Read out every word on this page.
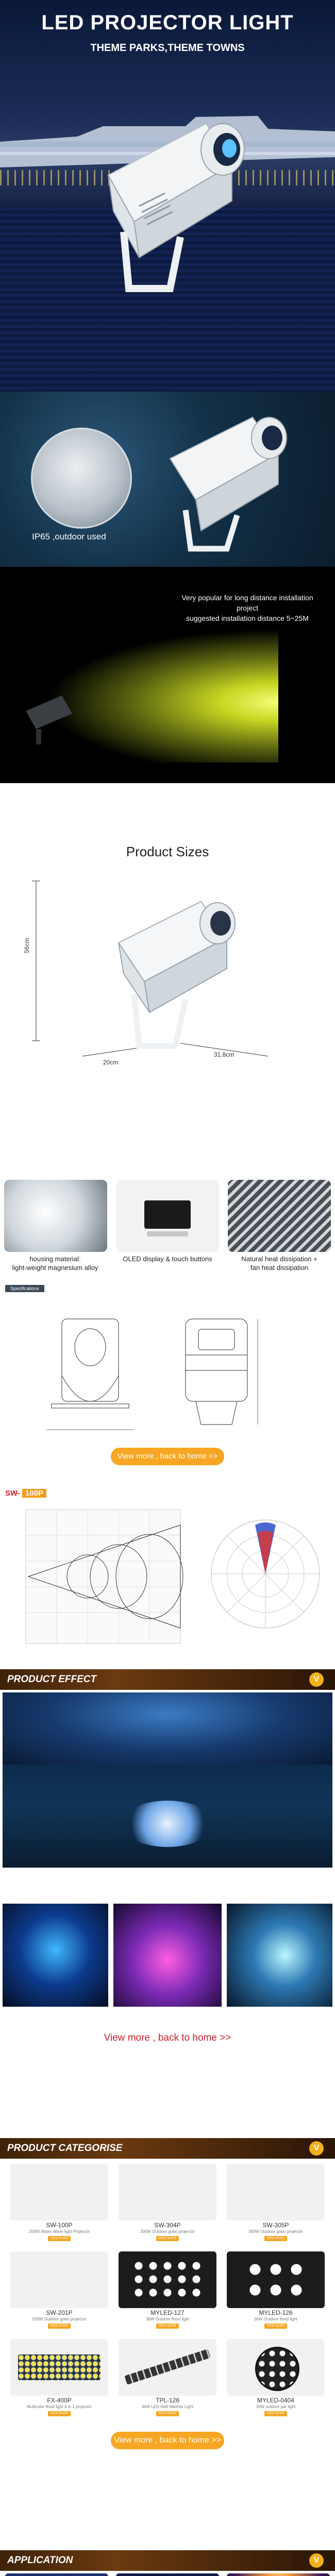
LED PROJECTOR LIGHT
THEME PARKS,THEME TOWNS
IP65 ,outdoor used
Very popular for long distance installation project
suggested installation distance 5~25M
Product Sizes
56cm
20cm
31.8cm
housing material:
light-weight magnesium alloy
OLED display & touch buttons	Natural heat dissipation +
fan heat dissipation
Specifications
View more , back to home >>
SW- 100P
PRODUCT EFFECT	V
View more , back to home >>
PRODUCT CATEGORISE	V
SW-100P
200W Water Wave light Projector
VIEW MORE
SW-304P
300W Outdoor gobo projector
VIEW MORE
SW-305P
300W Outdoor gobo projector
VIEW MORE
SW-201P
200W Outdoor gobo projector
VIEW MORE
MYLED-127
36W Outdoor flood light
VIEW MORE
MYLED-126
36W Outdoor flood light
VIEW MORE
FX-400P
Multicolor flood light 4 in 1 projector
VIEW MORE
TPL-126
36W LED Wall Washer Light
VIEW MORE
MYLED-0404
36W outdoor par light
VIEW MORE
View more , back to home >>
APPLICATION	V
